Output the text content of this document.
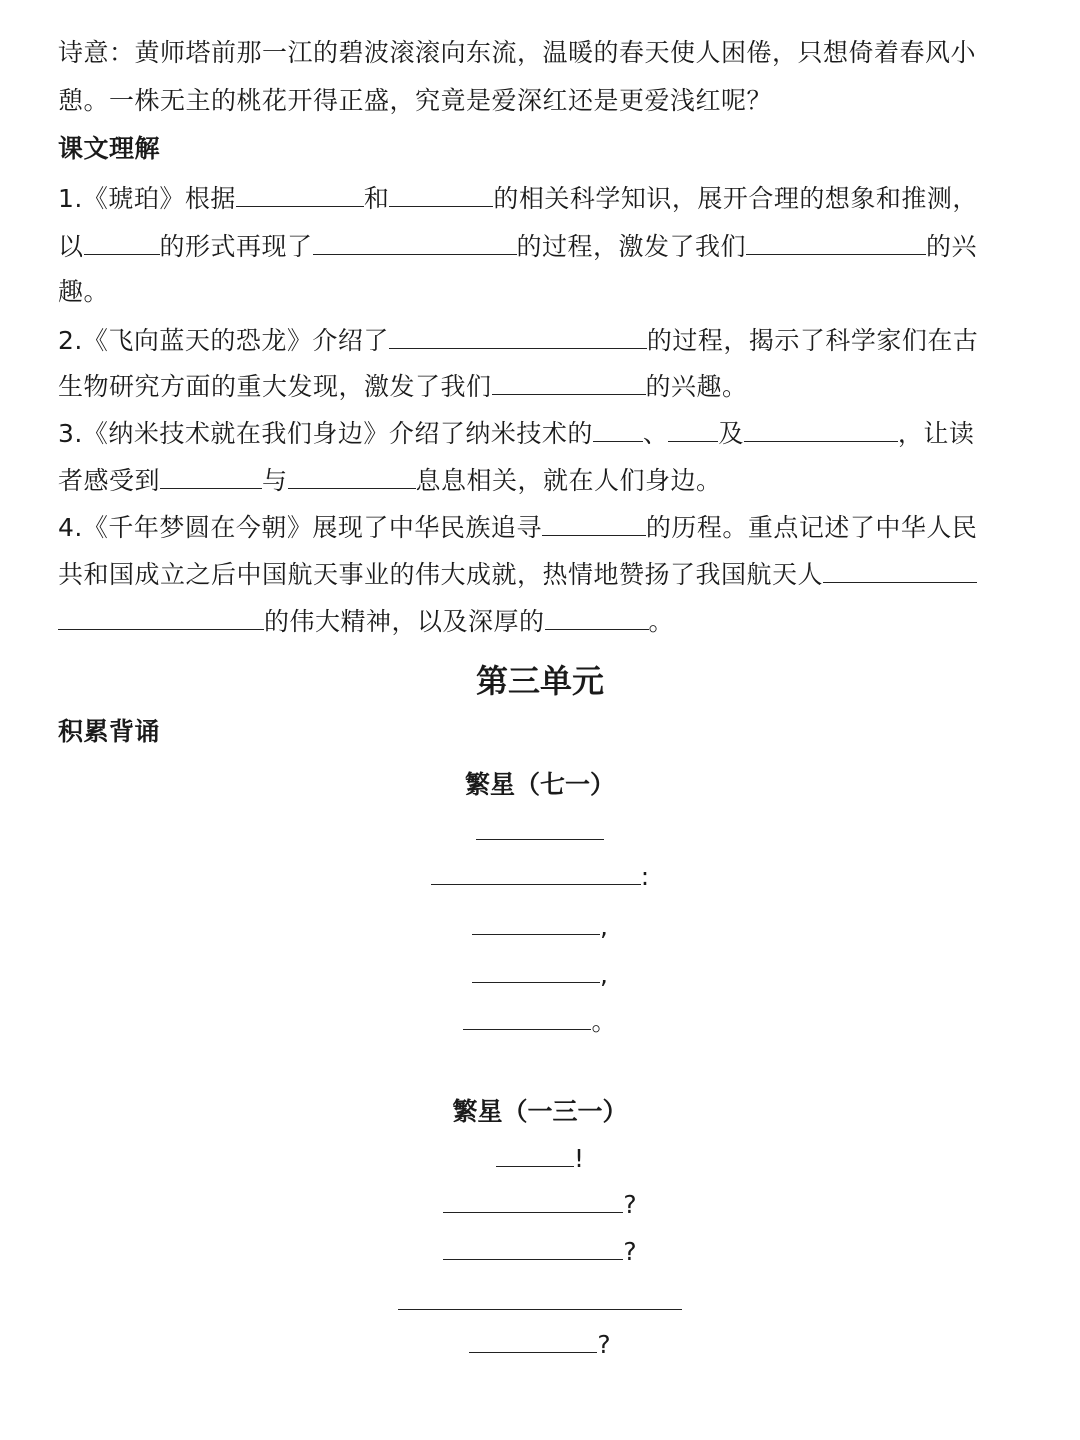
诗意：黄师塔前那一江的碧波滚滚向东流，温暖的春天使人困倦，只想倚着春风小
憩。一株无主的桃花开得正盛，究竟是爱深红还是更爱浅红呢？
课文理解
1.《琥珀》根据	和	的相关科学知识，展开合理的想象和推测，
以	的形式再现了	的过程，激发了我们	的兴
趣。
2.《飞向蓝天的恐龙》介绍了	的过程，揭示了科学家们在古
生物研究方面的重大发现，激发了我们	的兴趣。
3.《纳米技术就在我们身边》介绍了纳米技术的 、 及	，让读
者感受到	与	息息相关，就在人们身边。
4.《千年梦圆在今朝》展现了中华民族追寻	的历程。重点记述了中华人民
共和国成立之后中国航天事业的伟大成就，热情地赞扬了我国航天人
的伟大精神，以及深厚的	。
第三单元
积累背诵
繁星（七一）
:
,
,
。
繁星（一三一）
!
?
?
?
